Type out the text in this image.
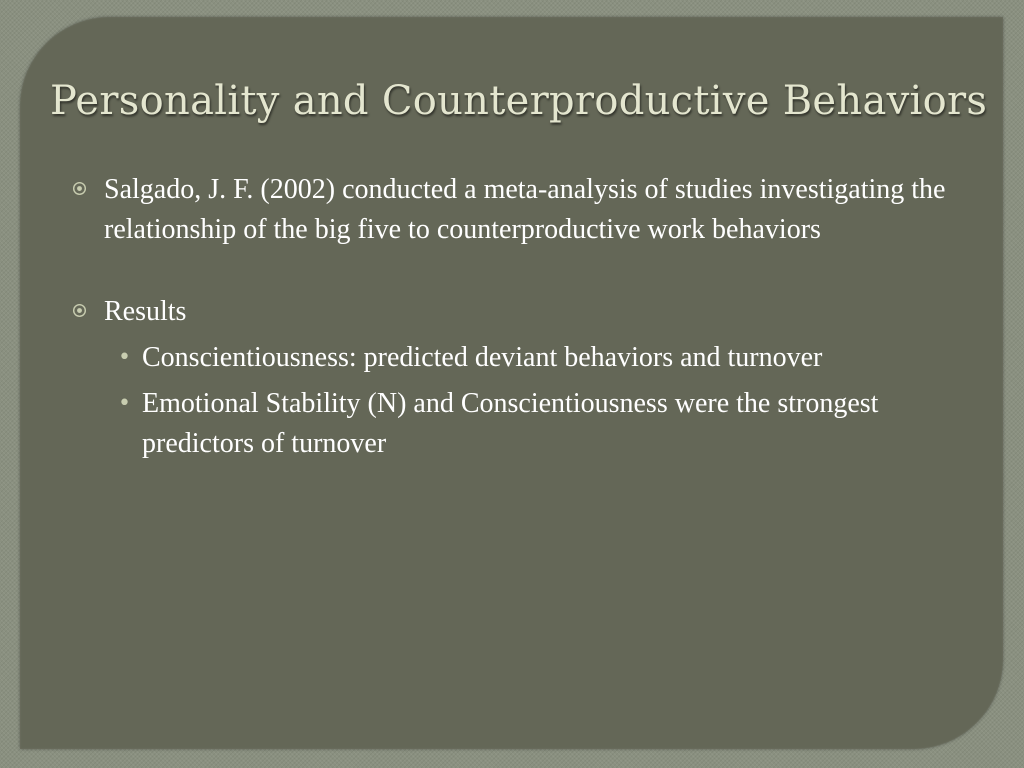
Personality and Counterproductive Behaviors
Salgado, J. F. (2002) conducted a meta-analysis of studies investigating the relationship of the big five to counterproductive work behaviors
Results
• Conscientiousness: predicted deviant behaviors and turnover
• Emotional Stability (N) and Conscientiousness were the strongest predictors of turnover
